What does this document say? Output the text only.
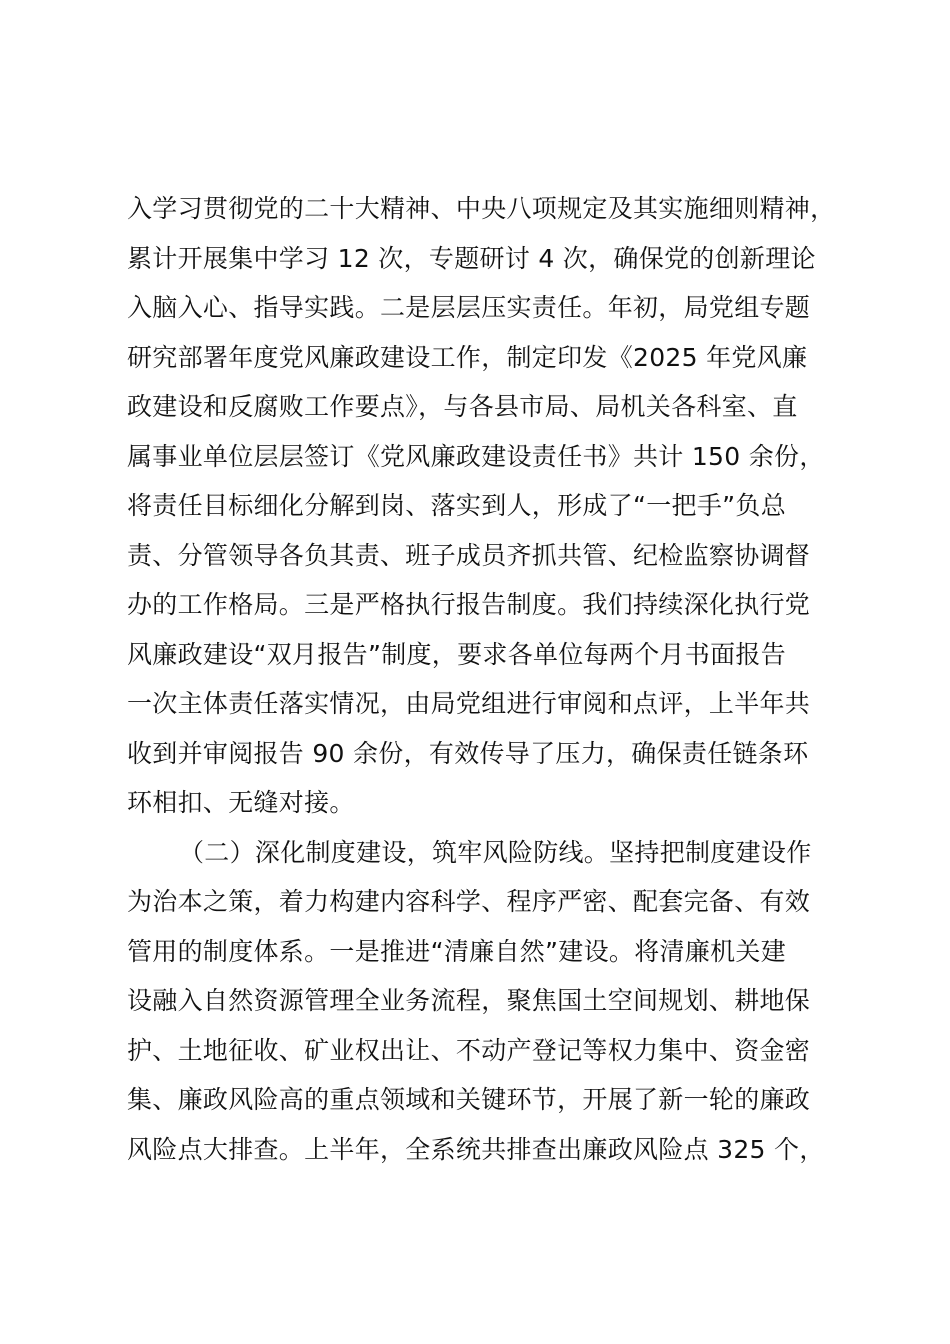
入学习贯彻党的二十大精神、中央八项规定及其实施细则精神，
累计开展集中学习 12 次，专题研讨 4 次，确保党的创新理论
入脑入心、指导实践。二是层层压实责任。年初，局党组专题
研究部署年度党风廉政建设工作，制定印发《2025 年党风廉
政建设和反腐败工作要点》，与各县市局、局机关各科室、直
属事业单位层层签订《党风廉政建设责任书》共计 150 余份，
将责任目标细化分解到岗、落实到人，形成了“一把手”负总
责、分管领导各负其责、班子成员齐抓共管、纪检监察协调督
办的工作格局。三是严格执行报告制度。我们持续深化执行党
风廉政建设“双月报告”制度，要求各单位每两个月书面报告
一次主体责任落实情况，由局党组进行审阅和点评，上半年共
收到并审阅报告 90 余份，有效传导了压力，确保责任链条环
环相扣、无缝对接。
（二）深化制度建设，筑牢风险防线。坚持把制度建设作
为治本之策，着力构建内容科学、程序严密、配套完备、有效
管用的制度体系。一是推进“清廉自然”建设。将清廉机关建
设融入自然资源管理全业务流程，聚焦国土空间规划、耕地保
护、土地征收、矿业权出让、不动产登记等权力集中、资金密
集、廉政风险高的重点领域和关键环节，开展了新一轮的廉政
风险点大排查。上半年，全系统共排查出廉政风险点 325 个，
